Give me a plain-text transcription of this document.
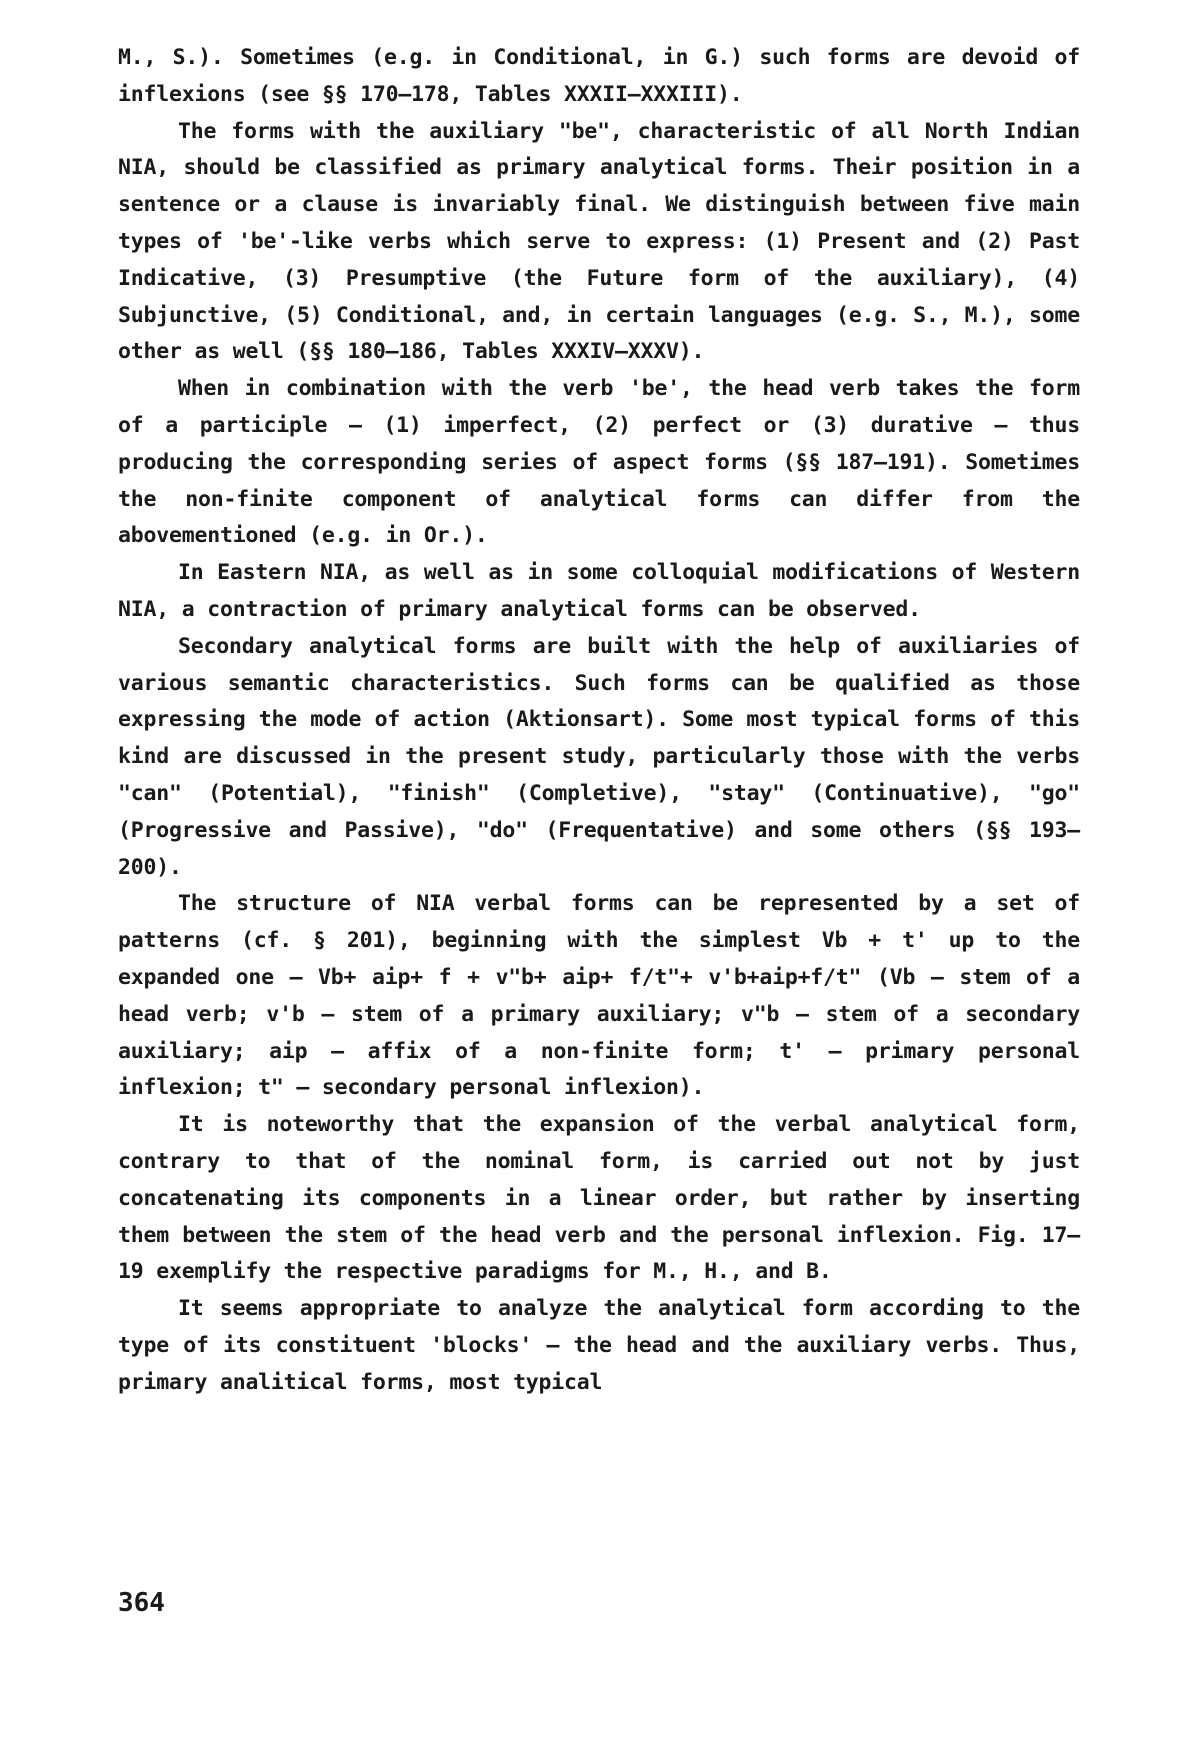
M., S.). Sometimes (e.g. in Conditional, in G.) such forms are devoid of inflexions (see §§ 170–178, Tables XXXII–XXXIII).

The forms with the auxiliary "be", characteristic of all North Indian NIA, should be classified as primary analytical forms. Their position in a sentence or a clause is invariably final. We distinguish between five main types of 'be'-like verbs which serve to express: (1) Present and (2) Past Indicative, (3) Presumptive (the Future form of the auxiliary), (4) Subjunctive, (5) Conditional, and, in certain languages (e.g. S., M.), some other as well (§§ 180–186, Tables XXXIV–XXXV).

When in combination with the verb 'be', the head verb takes the form of a participle – (1) imperfect, (2) perfect or (3) durative – thus producing the corresponding series of aspect forms (§§ 187–191). Sometimes the non-finite component of analytical forms can differ from the abovementioned (e.g. in Or.).

In Eastern NIA, as well as in some colloquial modifications of Western NIA, a contraction of primary analytical forms can be observed.

Secondary analytical forms are built with the help of auxiliaries of various semantic characteristics. Such forms can be qualified as those expressing the mode of action (Aktionsart). Some most typical forms of this kind are discussed in the present study, particularly those with the verbs "can" (Potential), "finish" (Completive), "stay" (Continuative), "go" (Progressive and Passive), "do" (Frequentative) and some others (§§ 193–200).

The structure of NIA verbal forms can be represented by a set of patterns (cf. § 201), beginning with the simplest Vb + t' up to the expanded one – Vb+ aip+ f + v"b+ aip+ f/t"+ v'b+aip+f/t" (Vb – stem of a head verb; v'b – stem of a primary auxiliary; v"b – stem of a secondary auxiliary; aip – affix of a non-finite form; t' – primary personal inflexion; t" – secondary personal inflexion).

It is noteworthy that the expansion of the verbal analytical form, contrary to that of the nominal form, is carried out not by just concatenating its components in a linear order, but rather by inserting them between the stem of the head verb and the personal inflexion. Fig. 17–19 exemplify the respective paradigms for M., H., and B.

It seems appropriate to analyze the analytical form according to the type of its constituent 'blocks' – the head and the auxiliary verbs. Thus, primary analitical forms, most typical

364
